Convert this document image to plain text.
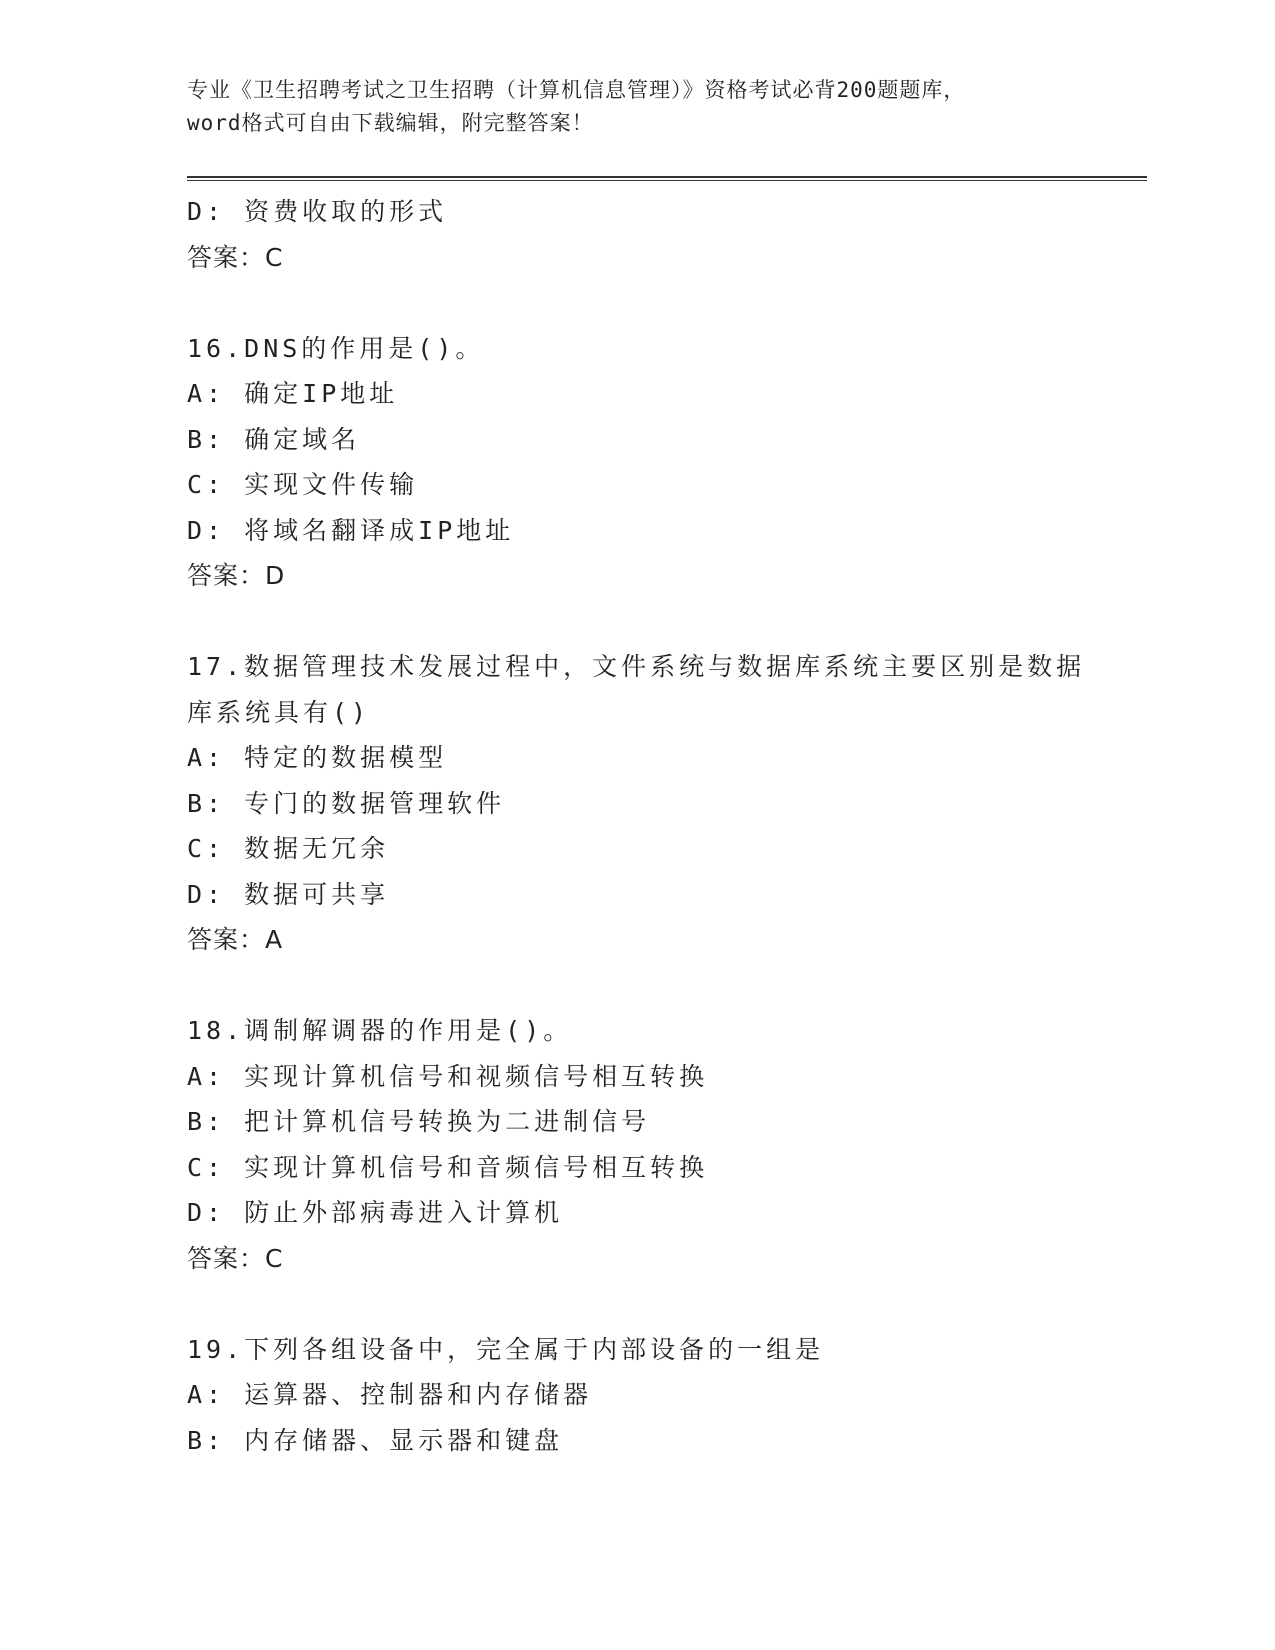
专业《卫生招聘考试之卫生招聘（计算机信息管理）》资格考试必背200题题库，
word格式可自由下载编辑，附完整答案！
D: 资费收取的形式
答案：C
16.DNS的作用是()。
A: 确定IP地址
B: 确定域名
C: 实现文件传输
D: 将域名翻译成IP地址
答案：D
17.数据管理技术发展过程中，文件系统与数据库系统主要区别是数据
库系统具有()
A: 特定的数据模型
B: 专门的数据管理软件
C: 数据无冗余
D: 数据可共享
答案：A
18.调制解调器的作用是()。
A: 实现计算机信号和视频信号相互转换
B: 把计算机信号转换为二进制信号
C: 实现计算机信号和音频信号相互转换
D: 防止外部病毒进入计算机
答案：C
19.下列各组设备中，完全属于内部设备的一组是
A: 运算器、控制器和内存储器
B: 内存储器、显示器和键盘
